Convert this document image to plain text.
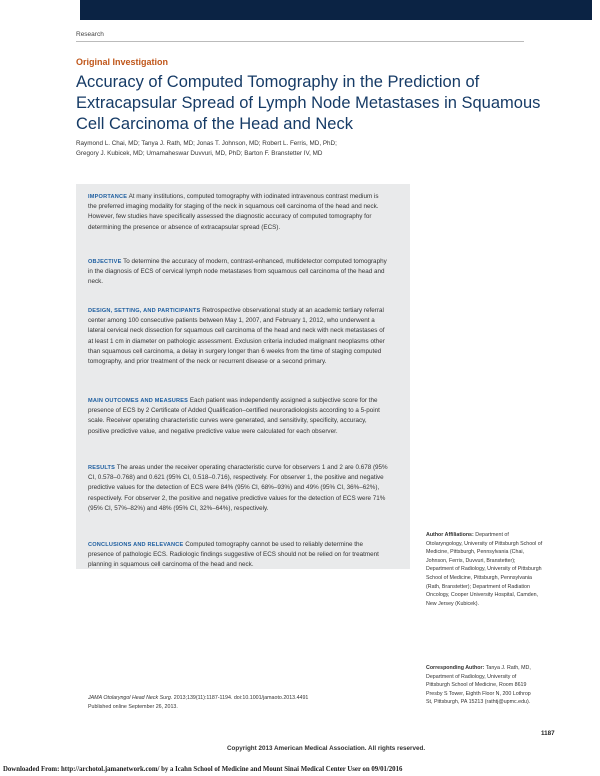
Research
Original Investigation
Accuracy of Computed Tomography in the Prediction of Extracapsular Spread of Lymph Node Metastases in Squamous Cell Carcinoma of the Head and Neck
Raymond L. Chai, MD; Tanya J. Rath, MD; Jonas T. Johnson, MD; Robert L. Ferris, MD, PhD;
Gregory J. Kubicek, MD; Umamaheswar Duvvuri, MD, PhD; Barton F. Branstetter IV, MD

IMPORTANCE At many institutions, computed tomography with iodinated intravenous contrast medium is the preferred imaging modality for staging of the neck in squamous cell carcinoma of the head and neck. However, few studies have specifically assessed the diagnostic accuracy of computed tomography for determining the presence or absence of extracapsular spread (ECS).

OBJECTIVE To determine the accuracy of modern, contrast-enhanced, multidetector computed tomography in the diagnosis of ECS of cervical lymph node metastases from squamous cell carcinoma of the head and neck.

DESIGN, SETTING, AND PARTICIPANTS Retrospective observational study at an academic tertiary referral center among 100 consecutive patients between May 1, 2007, and February 1, 2012, who underwent a lateral cervical neck dissection for squamous cell carcinoma of the head and neck with neck metastases of at least 1 cm in diameter on pathologic assessment. Exclusion criteria included malignant neoplasms other than squamous cell carcinoma, a delay in surgery longer than 6 weeks from the time of staging computed tomography, and prior treatment of the neck or recurrent disease or a second primary.

MAIN OUTCOMES AND MEASURES Each patient was independently assigned a subjective score for the presence of ECS by 2 Certificate of Added Qualification–certified neuroradiologists according to a 5-point scale. Receiver operating characteristic curves were generated, and sensitivity, specificity, accuracy, positive predictive value, and negative predictive value were calculated for each observer.

RESULTS The areas under the receiver operating characteristic curve for observers 1 and 2 are 0.678 (95% CI, 0.578–0.768) and 0.621 (95% CI, 0.518–0.716), respectively. For observer 1, the positive and negative predictive values for the detection of ECS were 84% (95% CI, 68%–93%) and 49% (95% CI, 36%–62%), respectively. For observer 2, the positive and negative predictive values for the detection of ECS were 71% (95% CI, 57%–82%) and 48% (95% CI, 32%–64%), respectively.

CONCLUSIONS AND RELEVANCE Computed tomography cannot be used to reliably determine the presence of pathologic ECS. Radiologic findings suggestive of ECS should not be relied on for treatment planning in squamous cell carcinoma of the head and neck.

Author Affiliations: Department of Otolaryngology, University of Pittsburgh School of Medicine, Pittsburgh, Pennsylvania (Chai, Johnson, Ferris, Duvvuri, Branstetter); Department of Radiology, University of Pittsburgh School of Medicine, Pittsburgh, Pennsylvania (Rath, Branstetter); Department of Radiation Oncology, Cooper University Hospital, Camden, New Jersey (Kubicek).

Corresponding Author: Tanya J. Rath, MD, Department of Radiology, University of Pittsburgh School of Medicine, Room 8619 Presby S Tower, Eighth Floor N, 200 Lothrop St, Pittsburgh, PA 15213 (rathtj@upmc.edu).

JAMA Otolaryngol Head Neck Surg. 2013;139(11):1187-1194. doi:10.1001/jamaoto.2013.4491
Published online September 26, 2013.
1187
Copyright 2013 American Medical Association. All rights reserved.
Downloaded From: http://archotol.jamanetwork.com/ by a Icahn School of Medicine and Mount Sinai Medical Center User on 09/01/2016
